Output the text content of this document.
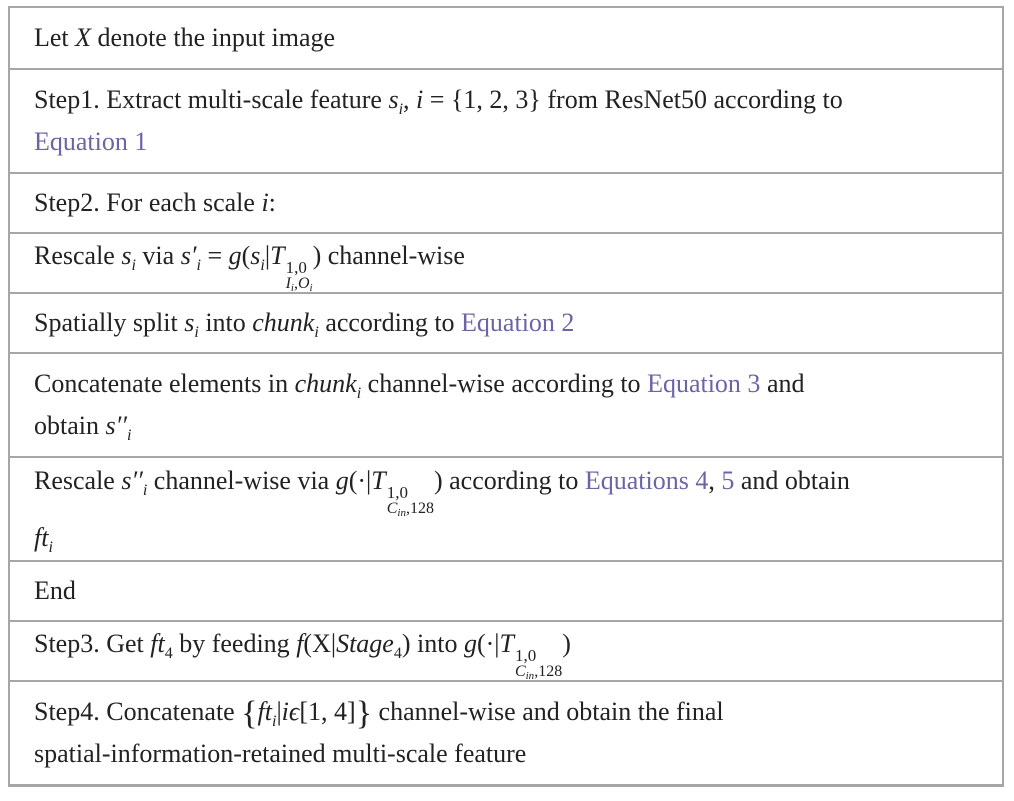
Let X denote the input image
Step1. Extract multi-scale feature $s_i$, i = {1, 2, 3} from ResNet50 according to
Equation 1
Step2. For each scale i:
Rescale $s_i$ via $s'_i = g(s_i|T$ 1,0
$I_i,O_i$
) channel-wise
Spatially split $s_i$ into chunk$_i$ according to Equation 2
Concatenate elements in chunk$_i$ channel-wise according to Equation 3 and
obtain $s''_i$
Rescale $s''_i$ channel-wise via g(·|T 1,0
$C_{in},128$
) according to Equations 4, 5 and obtain
$ft_i$
End
Step3. Get $ft_4$ by feeding f(X|Stage$_4$) into g(·|T 1,0
$C_{in},128$
)
Step4. Concatenate {$ft_i|i\epsilon[1$, 4]} channel-wise and obtain the final
spatial-information-retained multi-scale feature
